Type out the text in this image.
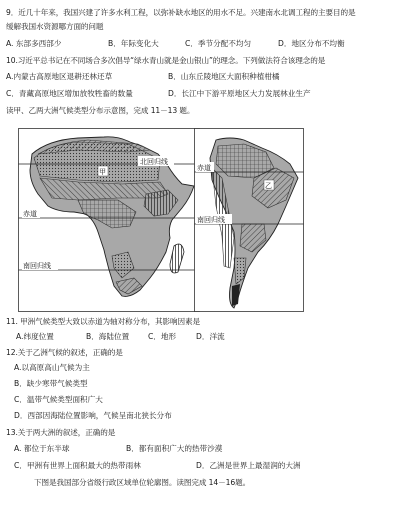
9．近几十年来，我国兴建了许多水利工程，以弥补缺水地区的用水不足。兴建南水北调工程的主要目的是
缓解我国水资源哪方面的问题
A. 东部多西部少	B．年际变化大	C．季节分配不均匀	D．地区分布不均衡
10.习近平总书记在不同场合多次倡导“绿水青山就是金山银山”的理念。下列做法符合该理念的是
A.内蒙古高原地区退耕还林还草	B．山东丘陵地区大面积种植柑橘
C．青藏高原地区增加放牧牲畜的数量	D．长江中下游平原地区大力发展林业生产
读甲、乙两大洲气候类型分布示意图，完成 11－13 题。
北回归线
赤道
南回归线
甲	赤道
南回归线
乙
11. 甲洲气候类型大致以赤道为轴对称分布，其影响因素是
A.纬度位置	B．海陆位置 C．地形	D．洋流
12.关于乙洲气候的叙述，正确的是
A.以高原高山气候为主
B．缺少寒带气候类型
C．温带气候类型面积广大
D．西部因海陆位置影响，气候呈南北狭长分布
13.关于两大洲的叙述，正确的是
A. 都位于东半球	B．都有面积广大的热带沙漠
C．甲洲有世界上面积最大的热带雨林	D．乙洲是世界上最湿润的大洲
下图是我国部分省级行政区域单位轮廓图。读图完成 14－16题。
